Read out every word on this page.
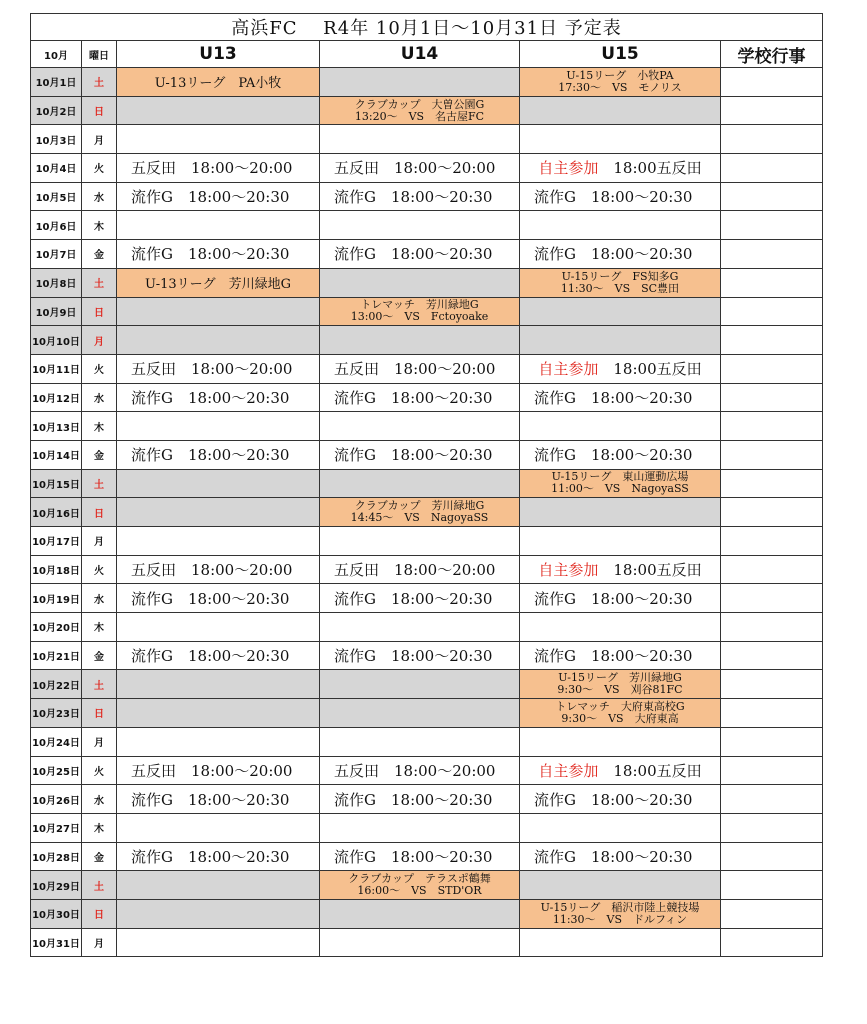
高浜FC　 R4年 10月1日～10月31日 予定表					
10月	曜日	U13	U14	U15	学校行事
10月1日	土	U-13リーグ　PA小牧		U-15リーグ　小牧PA
17:30～　VS　モノリス	

10月2日	日		クラブカップ　大曽公園G
13:20～　VS　名古屋FC		

10月3日	月				
10月4日	火	五反田　18:00～20:00	五反田　18:00～20:00	自主参加　18:00五反田	
10月5日	水	流作G　18:00～20:30	流作G　18:00～20:30	流作G　18:00～20:30	
10月6日	木				
10月7日	金	流作G　18:00～20:30	流作G　18:00～20:30	流作G　18:00～20:30	
10月8日	土	U-13リーグ　芳川緑地G		U-15リーグ　FS知多G
11:30～　VS　SC豊田	

10月9日	日		トレマッチ　芳川緑地G
13:00～　VS　Fctoyoake		

10月10日	月				
10月11日	火	五反田　18:00～20:00	五反田　18:00～20:00	自主参加　18:00五反田	
10月12日	水	流作G　18:00～20:30	流作G　18:00～20:30	流作G　18:00～20:30	
10月13日	木				
10月14日	金	流作G　18:00～20:30	流作G　18:00～20:30	流作G　18:00～20:30	
10月15日	土			U-15リーグ　東山運動広場
11:00～　VS　NagoyaSS	

10月16日	日		クラブカップ　芳川緑地G
14:45～　VS　NagoyaSS		

10月17日	月				
10月18日	火	五反田　18:00～20:00	五反田　18:00～20:00	自主参加　18:00五反田	
10月19日	水	流作G　18:00～20:30	流作G　18:00～20:30	流作G　18:00～20:30	
10月20日	木				
10月21日	金	流作G　18:00～20:30	流作G　18:00～20:30	流作G　18:00～20:30	
10月22日	土			U-15リーグ　芳川緑地G
9:30～　VS　刈谷81FC	

10月23日	日			トレマッチ　大府東高校G
9:30～　VS　大府東高	

10月24日	月				
10月25日	火	五反田　18:00～20:00	五反田　18:00～20:00	自主参加　18:00五反田	
10月26日	水	流作G　18:00～20:30	流作G　18:00～20:30	流作G　18:00～20:30	
10月27日	木				
10月28日	金	流作G　18:00～20:30	流作G　18:00～20:30	流作G　18:00～20:30	
10月29日	土		クラブカップ　テラスポ鶴舞
16:00～　VS　STD'OR		

10月30日	日			U-15リーグ　稲沢市陸上競技場
11:30～　VS　ドルフィン	

10月31日	月				
